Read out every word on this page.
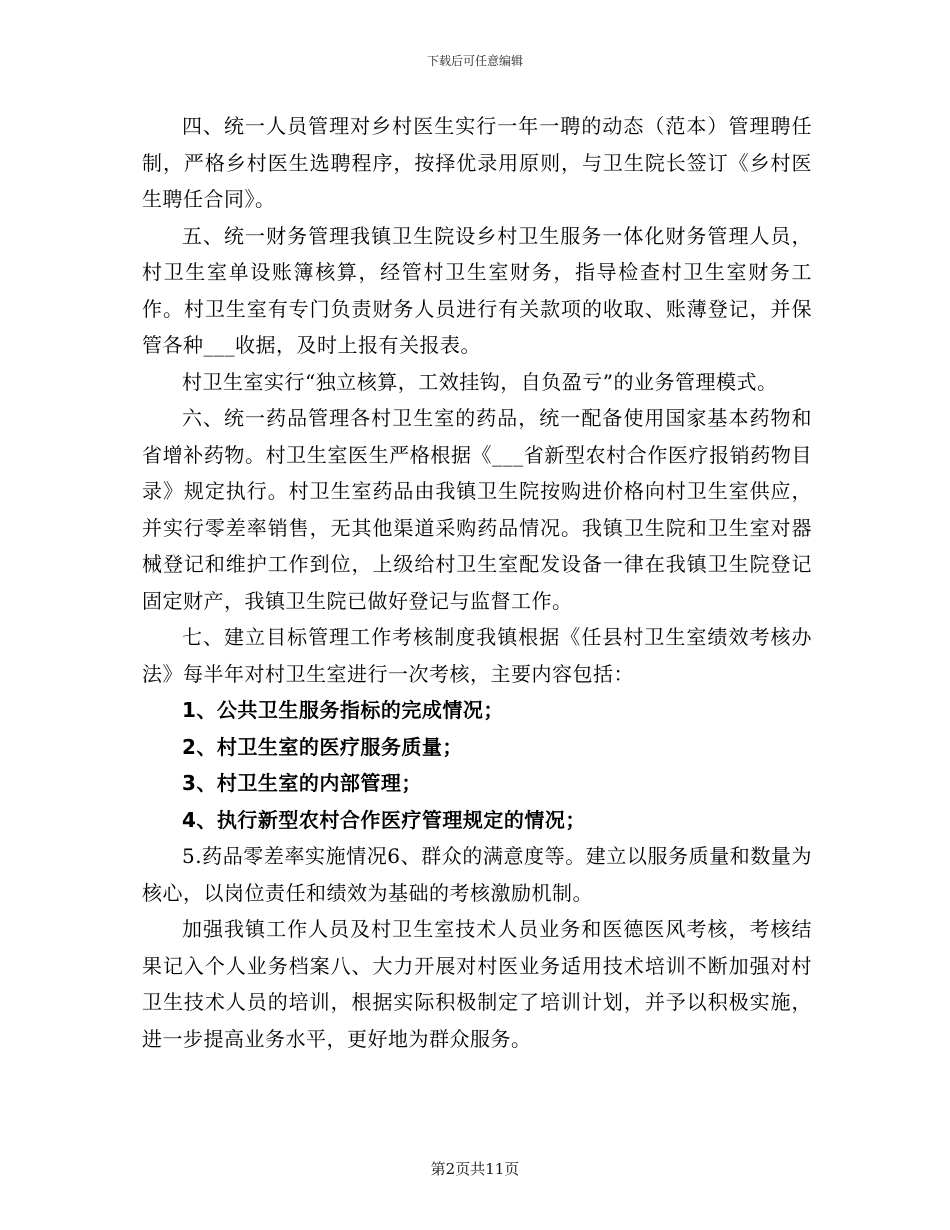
下载后可任意编辑

四、统一人员管理对乡村医生实行一年一聘的动态（范本）管理聘任制，严格乡村医生选聘程序，按择优录用原则，与卫生院长签订《乡村医生聘任合同》。

五、统一财务管理我镇卫生院设乡村卫生服务一体化财务管理人员，村卫生室单设账簿核算，经管村卫生室财务，指导检查村卫生室财务工作。村卫生室有专门负责财务人员进行有关款项的收取、账薄登记，并保管各种___收据，及时上报有关报表。

村卫生室实行“独立核算，工效挂钩，自负盈亏”的业务管理模式。

六、统一药品管理各村卫生室的药品，统一配备使用国家基本药物和省增补药物。村卫生室医生严格根据《___省新型农村合作医疗报销药物目录》规定执行。村卫生室药品由我镇卫生院按购进价格向村卫生室供应，并实行零差率销售，无其他渠道采购药品情况。我镇卫生院和卫生室对器械登记和维护工作到位，上级给村卫生室配发设备一律在我镇卫生院登记固定财产，我镇卫生院已做好登记与监督工作。

七、建立目标管理工作考核制度我镇根据《任县村卫生室绩效考核办法》每半年对村卫生室进行一次考核，主要内容包括：

1、公共卫生服务指标的完成情况；

2、村卫生室的医疗服务质量；

3、村卫生室的内部管理；

4、执行新型农村合作医疗管理规定的情况；

5.药品零差率实施情况6、群众的满意度等。建立以服务质量和数量为核心，以岗位责任和绩效为基础的考核激励机制。

加强我镇工作人员及村卫生室技术人员业务和医德医风考核，考核结果记入个人业务档案八、大力开展对村医业务适用技术培训不断加强对村卫生技术人员的培训，根据实际积极制定了培训计划，并予以积极实施，进一步提高业务水平，更好地为群众服务。

第2页共11页
